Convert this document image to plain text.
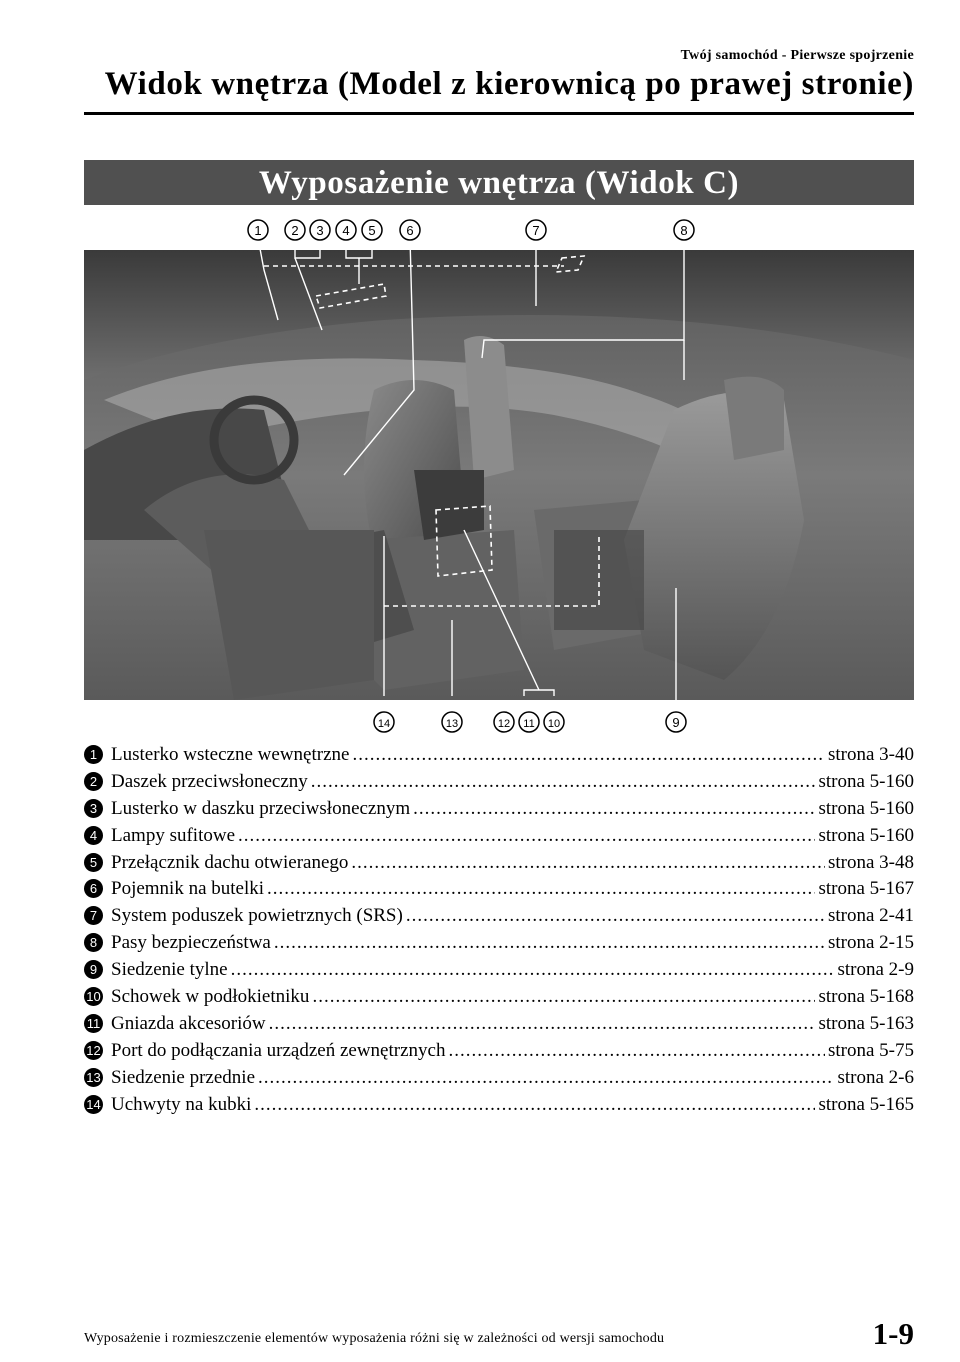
Twój samochód - Pierwsze spojrzenie
Widok wnętrza (Model z kierownicą po prawej stronie)
Wyposażenie wnętrza (Widok C)
1 2 3 4 5 6	7	8
9
10
11
12
13
14
1 Lusterko wsteczne wewnętrzne .....	strona 3-40
2 Daszek przeciwsłoneczny .....	strona 5-160
3 Lusterko w daszku przeciwsłonecznym .....	strona 5-160
4 Lampy sufitowe .....	strona 5-160
5 Przełącznik dachu otwieranego .....	strona 3-48
6 Pojemnik na butelki .....	strona 5-167
7 System poduszek powietrznych (SRS) .....	strona 2-41
8 Pasy bezpieczeństwa .....	strona 2-15
9 Siedzenie tylne .....	strona 2-9
10 Schowek w podłokietniku .....	strona 5-168
11 Gniazda akcesoriów .....	strona 5-163
12 Port do podłączania urządzeń zewnętrznych .....	strona 5-75
13 Siedzenie przednie .....	strona 2-6
14 Uchwyty na kubki .....	strona 5-165
Wyposażenie i rozmieszczenie elementów wyposażenia różni się w zależności od wersji samochodu	1-9
